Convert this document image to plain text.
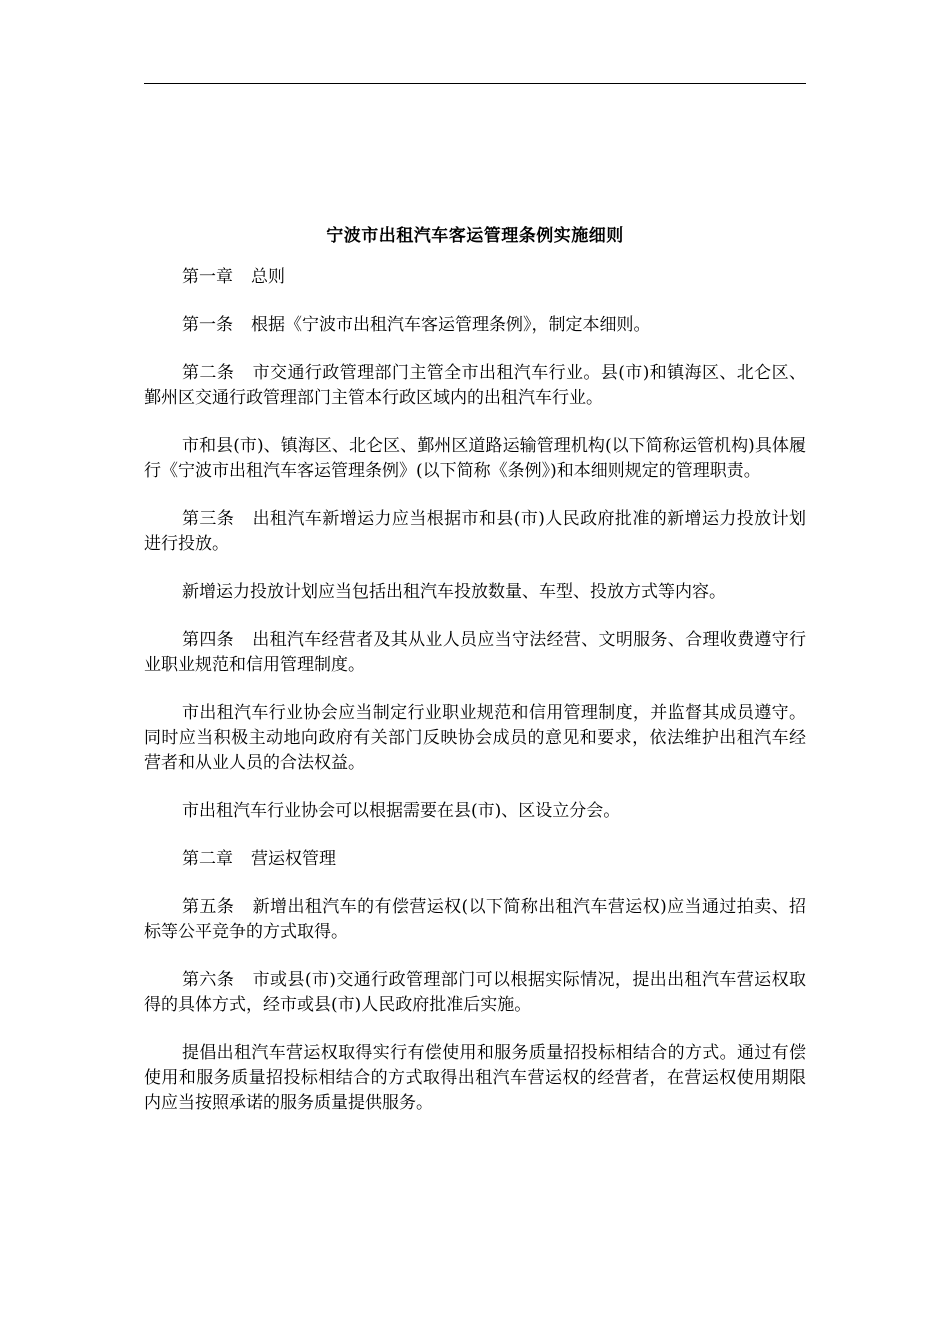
宁波市出租汽车客运管理条例实施细则

第一章 总则

第一条 根据《宁波市出租汽车客运管理条例》，制定本细则。

第二条 市交通行政管理部门主管全市出租汽车行业。县(市)和镇海区、北仑区、鄞州区交通行政管理部门主管本行政区域内的出租汽车行业。

市和县(市)、镇海区、北仑区、鄞州区道路运输管理机构(以下简称运管机构)具体履行《宁波市出租汽车客运管理条例》(以下简称《条例》)和本细则规定的管理职责。

第三条 出租汽车新增运力应当根据市和县(市)人民政府批准的新增运力投放计划进行投放。

新增运力投放计划应当包括出租汽车投放数量、车型、投放方式等内容。

第四条 出租汽车经营者及其从业人员应当守法经营、文明服务、合理收费遵守行业职业规范和信用管理制度。

市出租汽车行业协会应当制定行业职业规范和信用管理制度，并监督其成员遵守。同时应当积极主动地向政府有关部门反映协会成员的意见和要求，依法维护出租汽车经营者和从业人员的合法权益。

市出租汽车行业协会可以根据需要在县(市)、区设立分会。

第二章 营运权管理

第五条 新增出租汽车的有偿营运权(以下简称出租汽车营运权)应当通过拍卖、招标等公平竞争的方式取得。

第六条 市或县(市)交通行政管理部门可以根据实际情况，提出出租汽车营运权取得的具体方式，经市或县(市)人民政府批准后实施。

提倡出租汽车营运权取得实行有偿使用和服务质量招投标相结合的方式。通过有偿使用和服务质量招投标相结合的方式取得出租汽车营运权的经营者，在营运权使用期限内应当按照承诺的服务质量提供服务。
